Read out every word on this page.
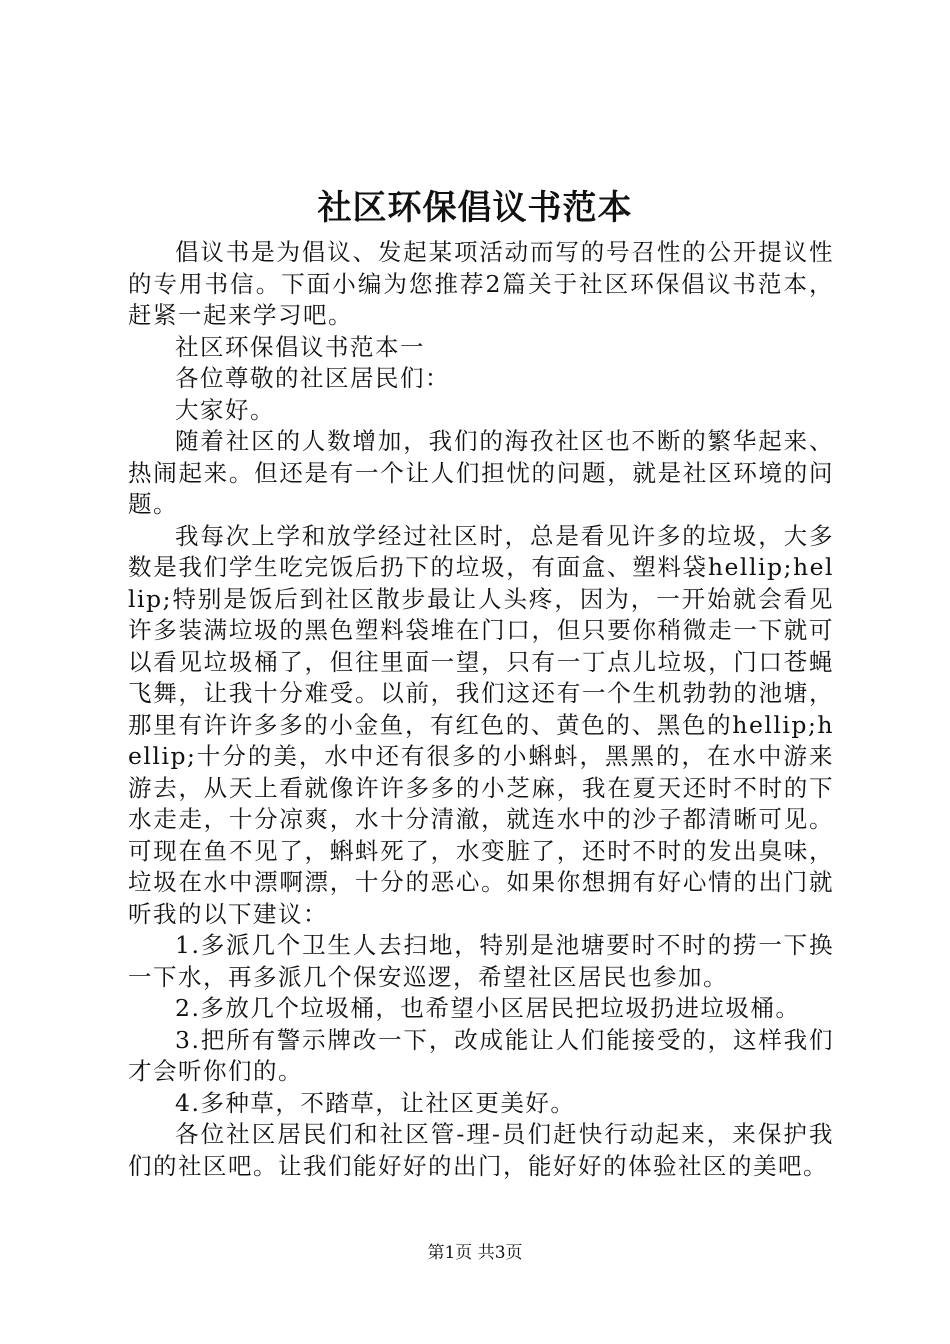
社区环保倡议书范本

倡议书是为倡议、发起某项活动而写的号召性的公开提议性的专用书信。下面小编为您推荐2篇关于社区环保倡议书范本，赶紧一起来学习吧。

社区环保倡议书范本一

各位尊敬的社区居民们：

大家好。

随着社区的人数增加，我们的海孜社区也不断的繁华起来、热闹起来。但还是有一个让人们担忧的问题，就是社区环境的问题。

我每次上学和放学经过社区时，总是看见许多的垃圾，大多数是我们学生吃完饭后扔下的垃圾，有面盒、塑料袋hellip;hellip;特别是饭后到社区散步最让人头疼，因为，一开始就会看见许多装满垃圾的黑色塑料袋堆在门口，但只要你稍微走一下就可以看见垃圾桶了，但往里面一望，只有一丁点儿垃圾，门口苍蝇飞舞，让我十分难受。以前，我们这还有一个生机勃勃的池塘，那里有许许多多的小金鱼，有红色的、黄色的、黑色的hellip;hellip;十分的美，水中还有很多的小蝌蚪，黑黑的，在水中游来游去，从天上看就像许许多多的小芝麻，我在夏天还时不时的下水走走，十分凉爽，水十分清澈，就连水中的沙子都清晰可见。可现在鱼不见了，蝌蚪死了，水变脏了，还时不时的发出臭味，垃圾在水中漂啊漂，十分的恶心。如果你想拥有好心情的出门就听我的以下建议：

1.多派几个卫生人去扫地，特别是池塘要时不时的捞一下换一下水，再多派几个保安巡逻，希望社区居民也参加。

2.多放几个垃圾桶，也希望小区居民把垃圾扔进垃圾桶。

3.把所有警示牌改一下，改成能让人们能接受的，这样我们才会听你们的。

4.多种草，不踏草，让社区更美好。

各位社区居民们和社区管-理-员们赶快行动起来，来保护我们的社区吧。让我们能好好的出门，能好好的体验社区的美吧。

第1页 共3页
